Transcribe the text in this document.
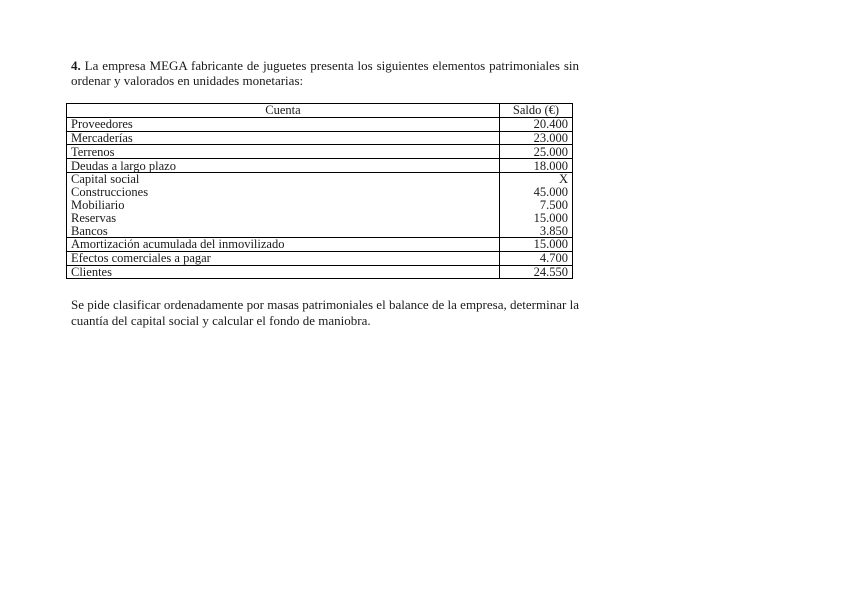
4. La empresa MEGA fabricante de juguetes presenta los siguientes elementos patrimoniales sin ordenar y valorados en unidades monetarias:

Cuenta	Saldo (€)
Proveedores	20.400
Mercaderías	23.000
Terrenos	25.000
Deudas a largo plazo	18.000
Capital social	X
Construcciones	45.000
Mobiliario	7.500
Reservas	15.000
Bancos	3.850
Amortización acumulada del inmovilizado	15.000
Efectos comerciales a pagar	4.700
Clientes	24.550

Se pide clasificar ordenadamente por masas patrimoniales el balance de la empresa, determinar la cuantía del capital social y calcular el fondo de maniobra.
